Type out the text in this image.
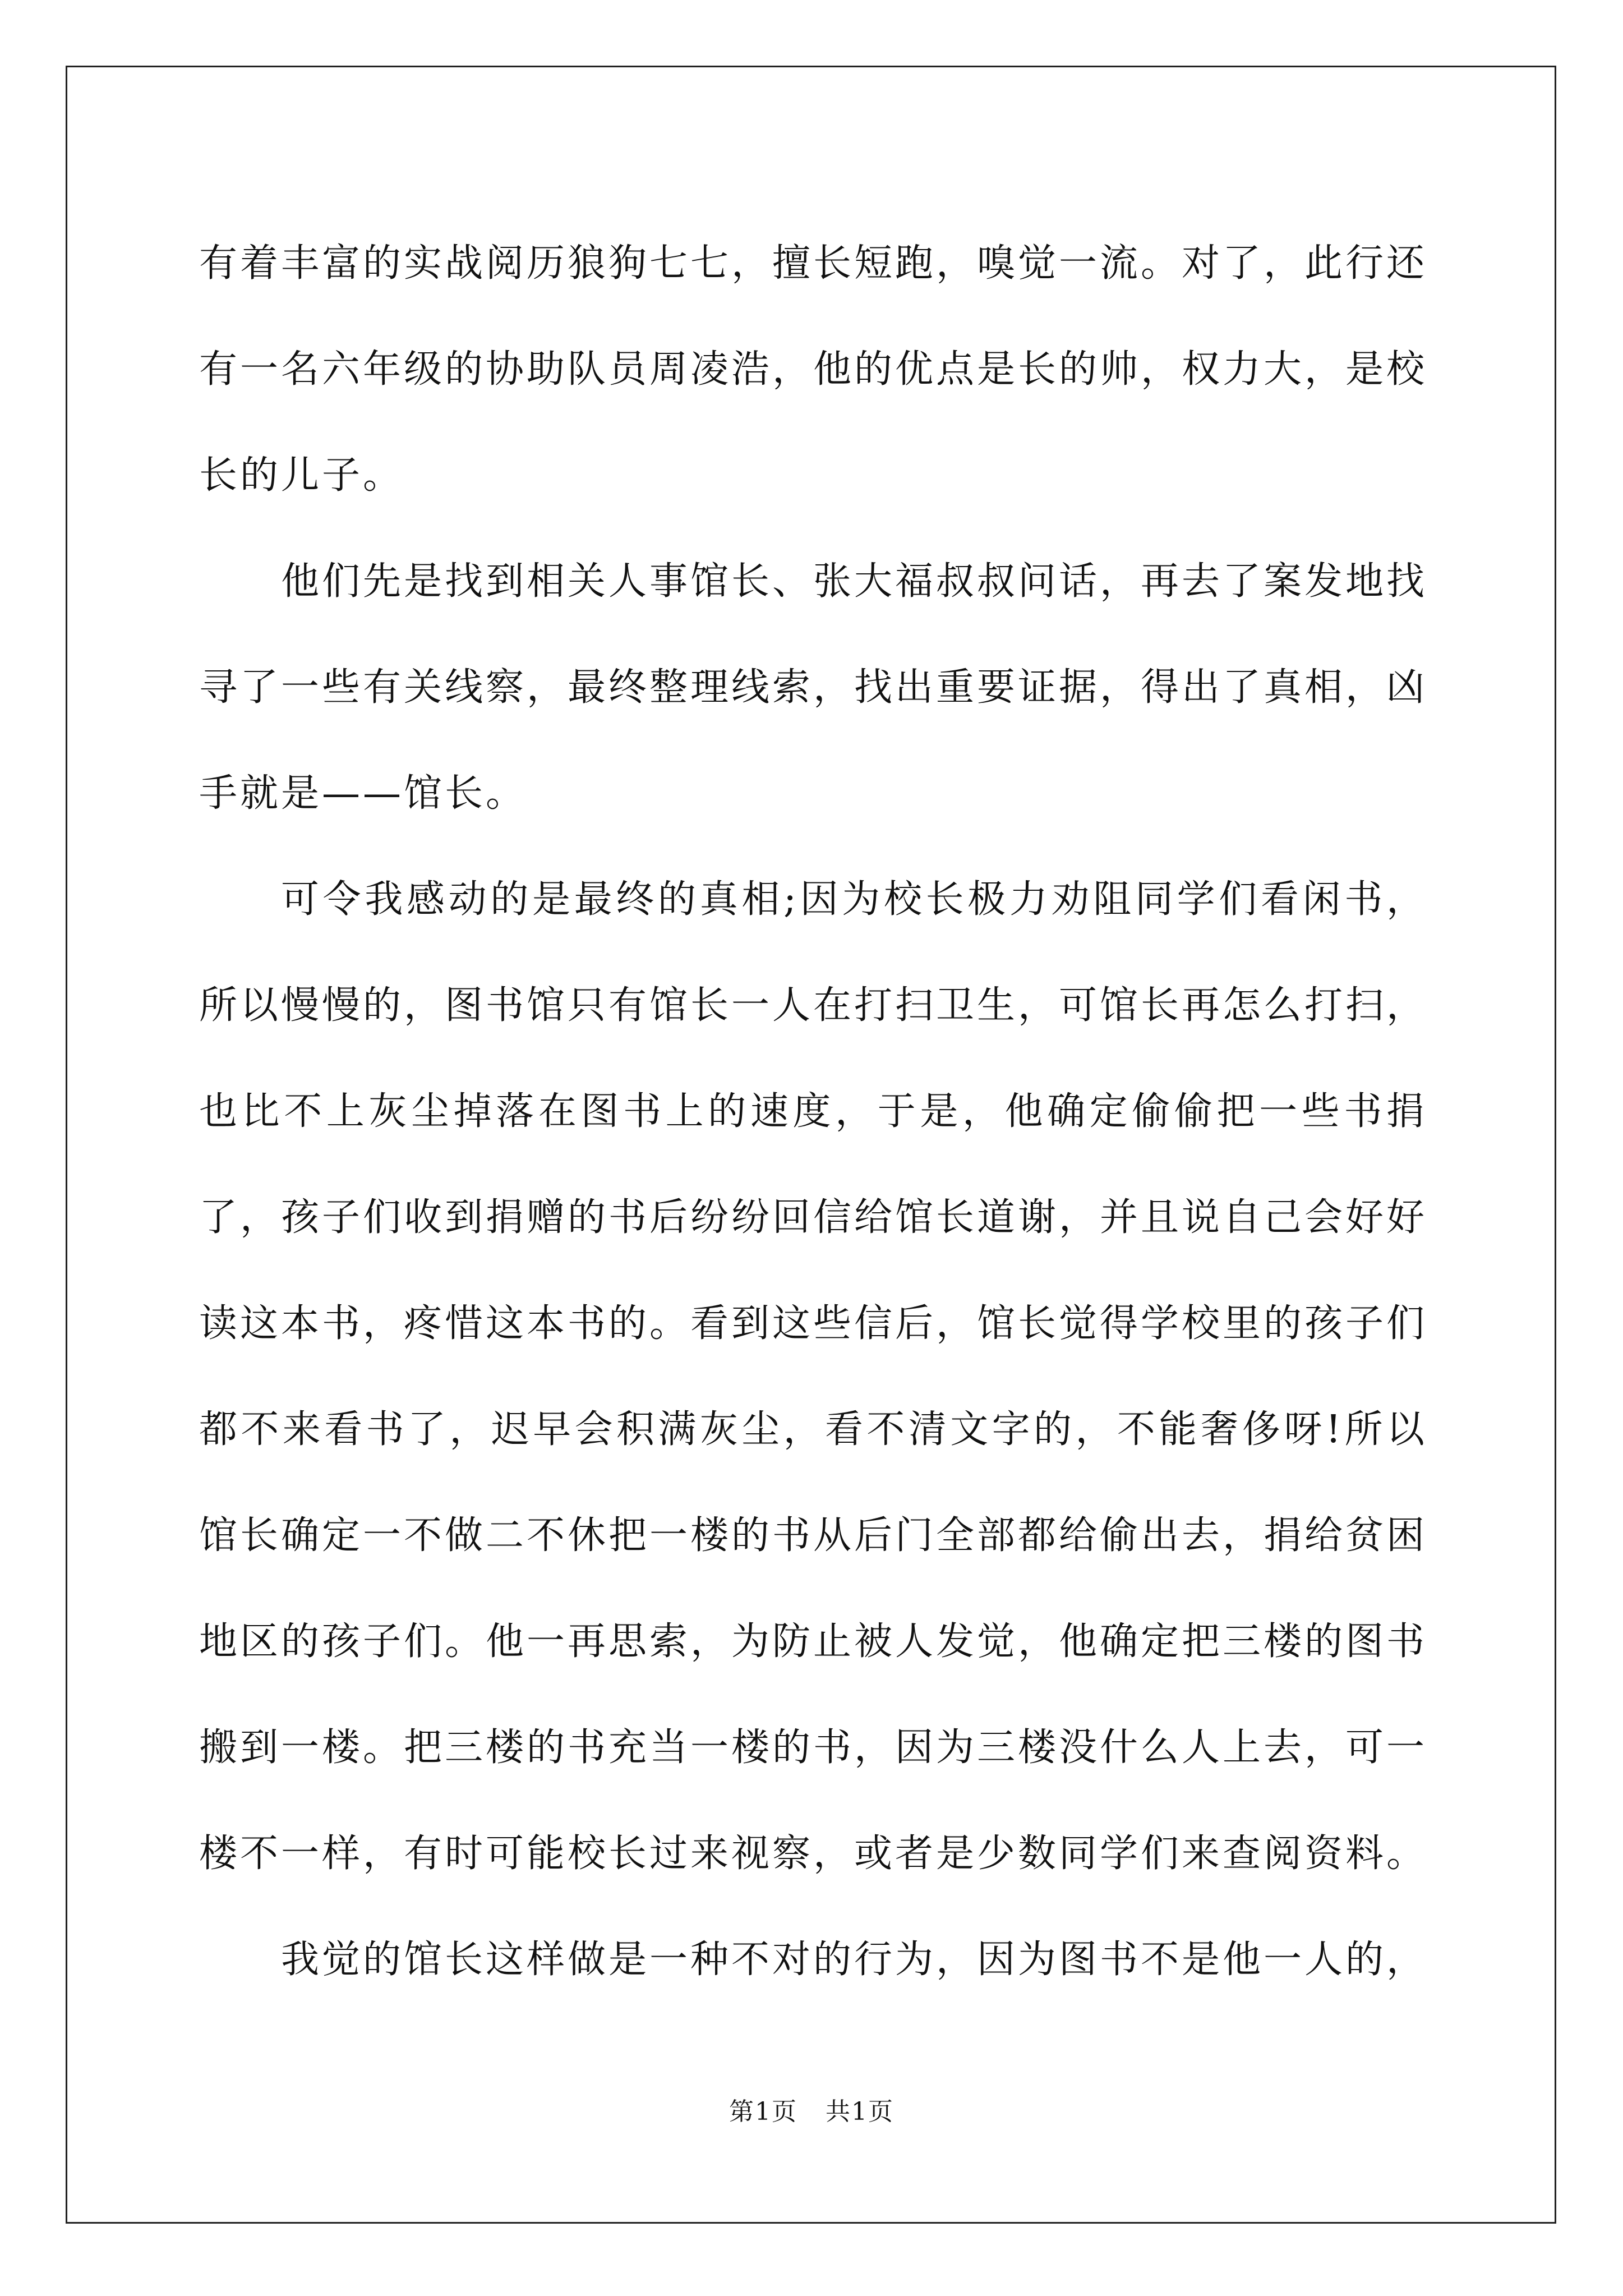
有着丰富的实战阅历狼狗七七，擅长短跑，嗅觉一流。对了，此行还有一名六年级的协助队员周凌浩，他的优点是长的帅，权力大，是校长的儿子。

他们先是找到相关人事馆长、张大福叔叔问话，再去了案发地找寻了一些有关线察，最终整理线索，找出重要证据，得出了真相，凶手就是——馆长。

可令我感动的是最终的真相;因为校长极力劝阻同学们看闲书，所以慢慢的，图书馆只有馆长一人在打扫卫生，可馆长再怎么打扫，也比不上灰尘掉落在图书上的速度，于是，他确定偷偷把一些书捐了，孩子们收到捐赠的书后纷纷回信给馆长道谢，并且说自己会好好读这本书，疼惜这本书的。看到这些信后，馆长觉得学校里的孩子们都不来看书了，迟早会积满灰尘，看不清文字的，不能奢侈呀!所以馆长确定一不做二不休把一楼的书从后门全部都给偷出去，捐给贫困地区的孩子们。他一再思索，为防止被人发觉，他确定把三楼的图书搬到一楼。把三楼的书充当一楼的书，因为三楼没什么人上去，可一楼不一样，有时可能校长过来视察，或者是少数同学们来查阅资料。

我觉的馆长这样做是一种不对的行为，因为图书不是他一人的，

第1页 共1页
